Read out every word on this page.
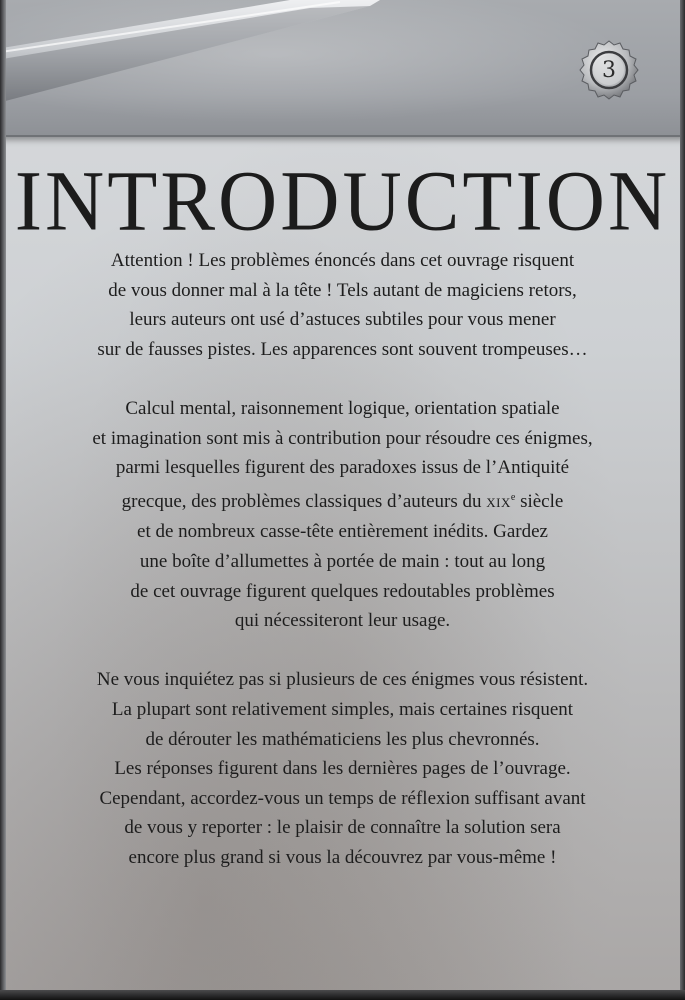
3
INTRODUCTION
Attention ! Les problèmes énoncés dans cet ouvrage risquent
de vous donner mal à la tête ! Tels autant de magiciens retors,
leurs auteurs ont usé d’astuces subtiles pour vous mener
sur de fausses pistes. Les apparences sont souvent trompeuses…
Calcul mental, raisonnement logique, orientation spatiale
et imagination sont mis à contribution pour résoudre ces énigmes,
parmi lesquelles figurent des paradoxes issus de l’Antiquité
grecque, des problèmes classiques d’auteurs du XIXe siècle
et de nombreux casse-tête entièrement inédits. Gardez
une boîte d’allumettes à portée de main : tout au long
de cet ouvrage figurent quelques redoutables problèmes
qui nécessiteront leur usage.
Ne vous inquiétez pas si plusieurs de ces énigmes vous résistent.
La plupart sont relativement simples, mais certaines risquent
de dérouter les mathématiciens les plus chevronnés.
Les réponses figurent dans les dernières pages de l’ouvrage.
Cependant, accordez-vous un temps de réflexion suffisant avant
de vous y reporter : le plaisir de connaître la solution sera
encore plus grand si vous la découvrez par vous-même !
